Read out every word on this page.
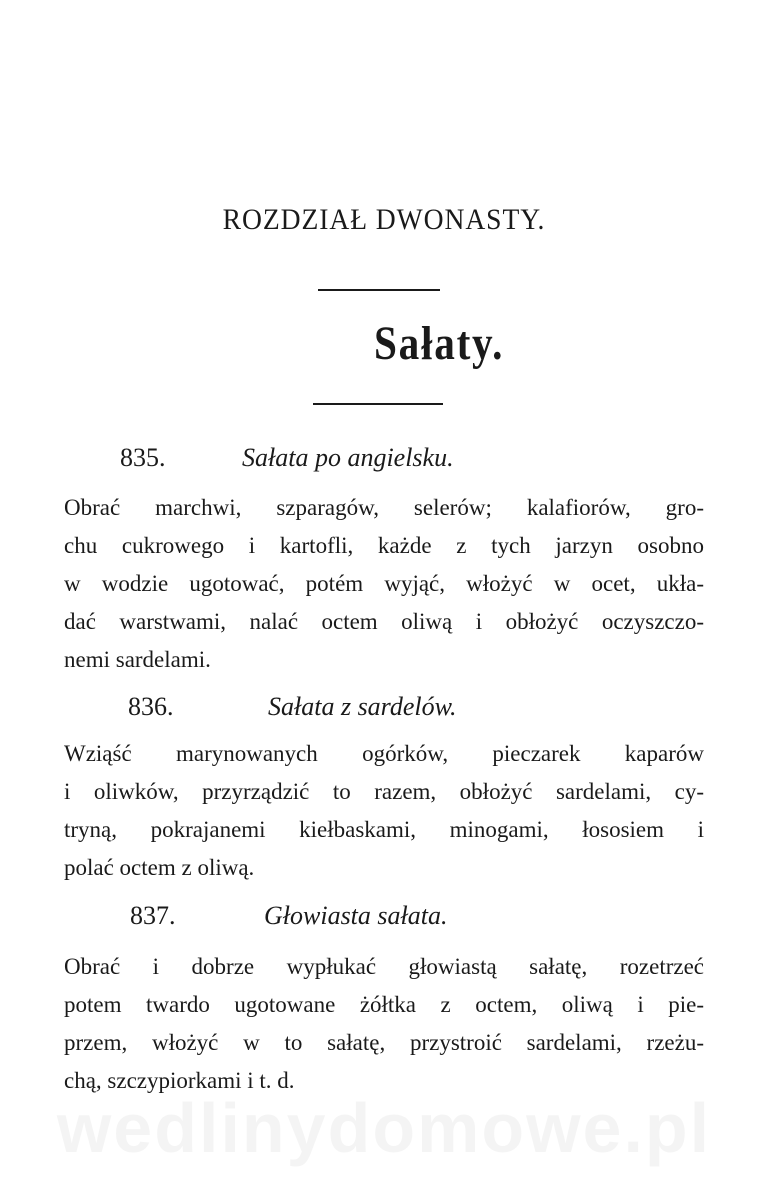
ROZDZIAŁ DWONASTY.
Sałaty.
835.	Sałata po angielsku.
Obrać marchwi, szparagów, selerów; kalafiorów, gro-
chu cukrowego i kartofli, każde z tych jarzyn osobno
w wodzie ugotować, potém wyjąć, włożyć w ocet, ukła-
dać warstwami, nalać octem oliwą i obłożyć oczyszczo-
nemi sardelami.
836.	Sałata z sardelów.
Wziąść marynowanych ogórków, pieczarek kaparów
i oliwków, przyrządzić to razem, obłożyć sardelami, cy-
tryną, pokrajanemi kiełbaskami, minogami, łososiem i
polać octem z oliwą.
837.	Głowiasta sałata.
Obrać i dobrze wypłukać głowiastą sałatę, rozetrzeć
potem twardo ugotowane żółtka z octem, oliwą i pie-
przem, włożyć w to sałatę, przystroić sardelami, rzeżu-
chą, szczypiorkami i t. d.
